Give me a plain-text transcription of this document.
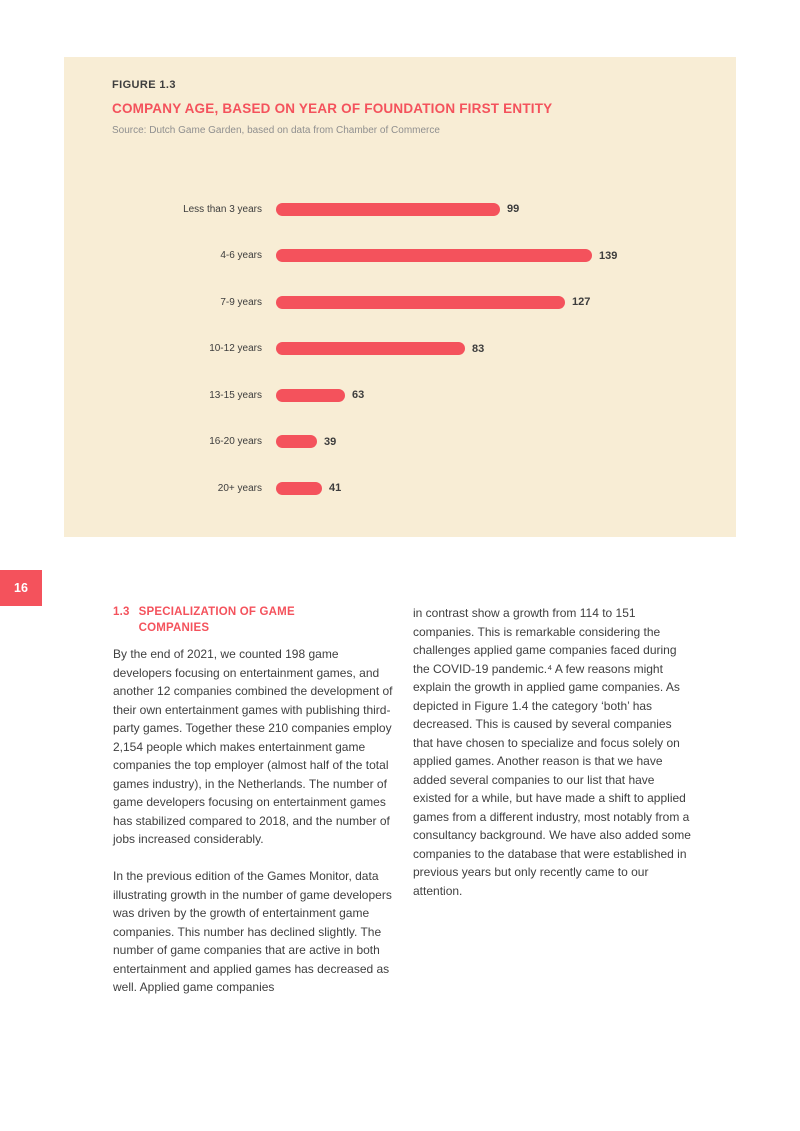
FIGURE 1.3
COMPANY AGE, BASED ON YEAR OF FOUNDATION FIRST ENTITY
Source: Dutch Game Garden, based on data from Chamber of Commerce
Less than 3 years	99
4-6 years	139
7-9 years	127
10-12 years	83
13-15 years	63
16-20 years	39
20+ years	41
16
1.3 SPECIALIZATION OF GAME COMPANIES

By the end of 2021, we counted 198 game developers focusing on entertainment games, and another 12 companies combined the development of their own entertainment games with publishing third-party games. Together these 210 companies employ 2,154 people which makes entertainment game companies the top employer (almost half of the total games industry), in the Netherlands. The number of game developers focusing on entertainment games has stabilized compared to 2018, and the number of jobs increased considerably.

In the previous edition of the Games Monitor, data illustrating growth in the number of game developers was driven by the growth of entertainment game companies. This number has declined slightly. The number of game companies that are active in both entertainment and applied games has decreased as well. Applied game companies

in contrast show a growth from 114 to 151 companies. This is remarkable considering the challenges applied game companies faced during the COVID-19 pandemic.⁴ A few reasons might explain the growth in applied game companies. As depicted in Figure 1.4 the category ‘both’ has decreased. This is caused by several companies that have chosen to specialize and focus solely on applied games. Another reason is that we have added several companies to our list that have existed for a while, but have made a shift to applied games from a different industry, most notably from a consultancy background. We have also added some companies to the database that were established in previous years but only recently came to our attention.
